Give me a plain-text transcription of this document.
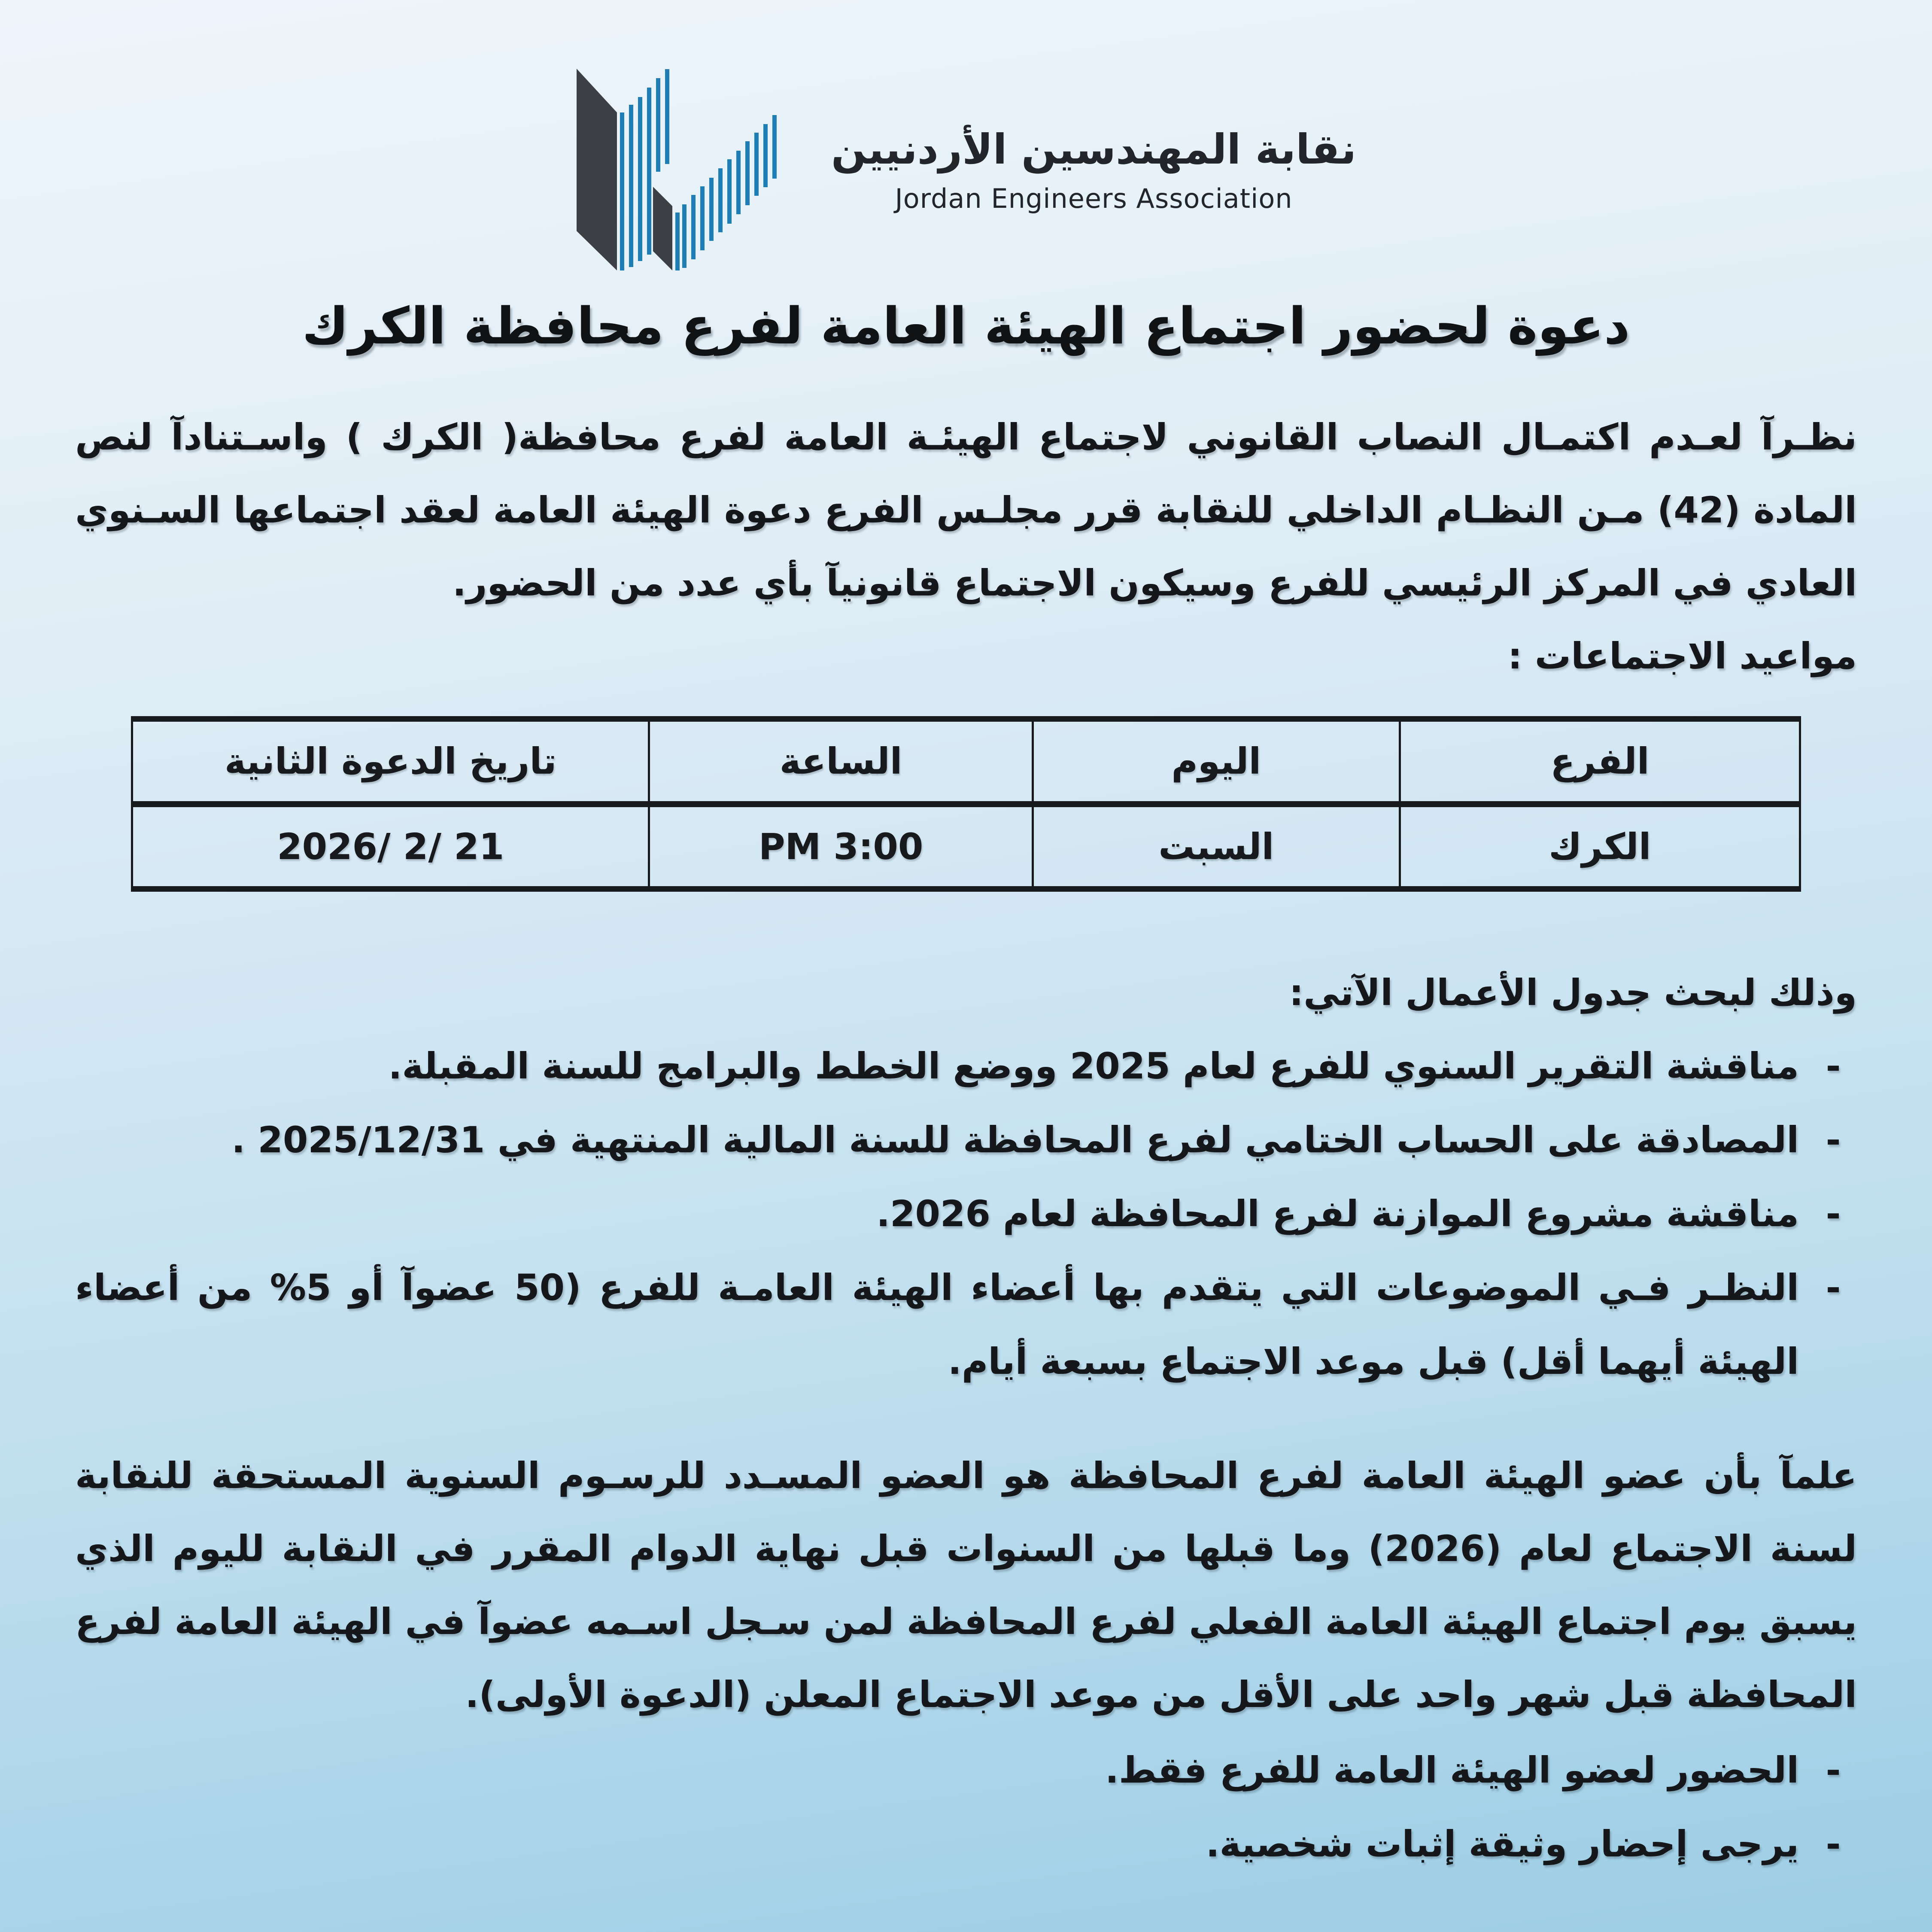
نقابة المهندسين الأردنيين
Jordan Engineers Association
دعوة لحضور اجتماع الهيئة العامة لفرع محافظة الكرك

نظـرآ لعـدم اكتمـال النصاب القانوني لاجتماع الهيئـة العامة لفرع محافظة( الكرك ) واسـتنادآ لنص المادة (42) مـن النظـام الداخلي للنقابة قرر مجلـس الفرع دعوة الهيئة العامة لعقد اجتماعها السـنوي العادي في المركز الرئيسي للفرع وسيكون الاجتماع قانونيآ بأي عدد من الحضور.

مواعيد الاجتماعات :
الفرع	اليوم	الساعة	تاريخ الدعوة الثانية
الكرك	السبت	PM 3:00	2026/ 2/ 21
وذلك لبحث جدول الأعمال الآتي:
-
مناقشة التقرير السنوي للفرع لعام 2025 ووضع الخطط والبرامج للسنة المقبلة.
-
المصادقة على الحساب الختامي لفرع المحافظة للسنة المالية المنتهية في 2025/12/31 .
-
مناقشة مشروع الموازنة لفرع المحافظة لعام 2026.
-
النظـر فـي الموضوعات التي يتقدم بها أعضاء الهيئة العامـة للفرع (50 عضوآ أو 5% من أعضاء الهيئة أيهما أقل) قبل موعد الاجتماع بسبعة أيام.

علمآ بأن عضو الهيئة العامة لفرع المحافظة هو العضو المسـدد للرسـوم السنوية المستحقة للنقابة لسنة الاجتماع لعام (2026) وما قبلها من السنوات قبل نهاية الدوام المقرر في النقابة لليوم الذي يسبق يوم اجتماع الهيئة العامة الفعلي لفرع المحافظة لمن سـجل اسـمه عضوآ في الهيئة العامة لفرع المحافظة قبل شهر واحد على الأقل من موعد الاجتماع المعلن (الدعوة الأولى).

-
الحضور لعضو الهيئة العامة للفرع فقط.
-
يرجى إحضار وثيقة إثبات شخصية.
